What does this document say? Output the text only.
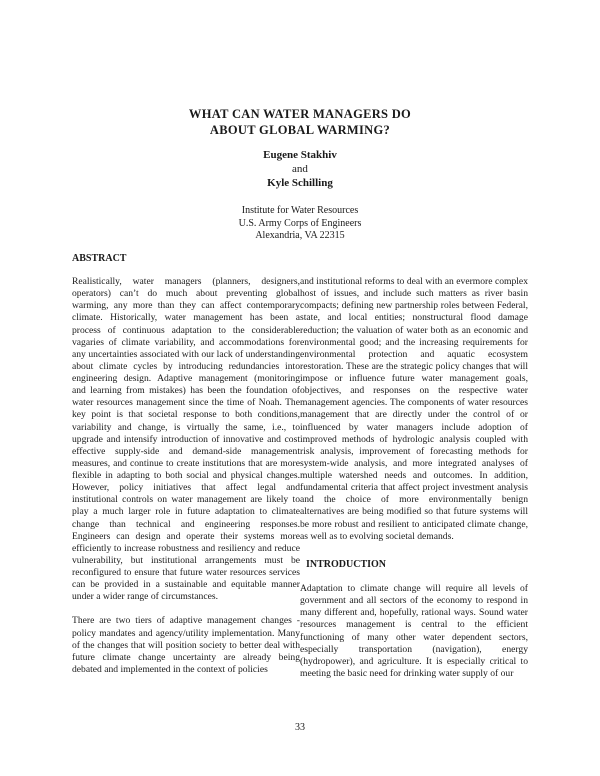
WHAT CAN WATER MANAGERS DO
ABOUT GLOBAL WARMING?
Eugene Stakhiv
and
Kyle Schilling
Institute for Water Resources
U.S. Army Corps of Engineers
Alexandria, VA 22315
ABSTRACT

Realistically, water managers (planners, designers, operators) can’t do much about preventing global warming, any more than they can affect contemporary climate. Historically, water management has been a process of continuous adaptation to the considerable vagaries of climate variability, and accommodations for any uncertainties associated with our lack of understanding about climate cycles by introducing redundancies into engineering design. Adaptive management (monitoring and learning from mistakes) has been the foundation of water resources management since the time of Noah. The key point is that societal response to both conditions, variability and change, is virtually the same, i.e., to upgrade and intensify introduction of innovative and cost effective supply-side and demand-side management measures, and continue to create institutions that are more flexible in adapting to both social and physical changes. However, policy initiatives that affect legal and institutional controls on water management are likely to play a much larger role in future adaptation to climate change than technical and engineering responses. Engineers can design and operate their systems more efficiently to increase robustness and resiliency and reduce vulnerability, but institutional arrangements must be reconfigured to ensure that future water resources services can be provided in a sustainable and equitable manner under a wider range of circumstances.

There are two tiers of adaptive management changes - policy mandates and agency/utility implementation. Many of the changes that will position society to better deal with future climate change uncertainty are already being debated and implemented in the context of policies

and institutional reforms to deal with an evermore complex host of issues, and include such matters as river basin compacts; defining new partnership roles between Federal, state, and local entities; nonstructural flood damage reduction; the valuation of water both as an economic and environmental good; and the increasing requirements for environmental protection and aquatic ecosystem restoration. These are the strategic policy changes that will impose or influence future water management goals, objectives, and responses on the respective water management agencies. The components of water resources management that are directly under the control of or influenced by water managers include adoption of improved methods of hydrologic analysis coupled with risk analysis, improvement of forecasting methods for system-wide analysis, and more integrated analyses of multiple watershed needs and outcomes. In addition, fundamental criteria that affect project investment analysis and the choice of more environmentally benign alternatives are being modified so that future systems will be more robust and resilient to anticipated climate change, as well as to evolving societal demands.

INTRODUCTION

Adaptation to climate change will require all levels of government and all sectors of the economy to respond in many different and, hopefully, rational ways. Sound water resources management is central to the efficient functioning of many other water dependent sectors, especially transportation (navigation), energy (hydropower), and agriculture. It is especially critical to meeting the basic need for drinking water supply of our

33
